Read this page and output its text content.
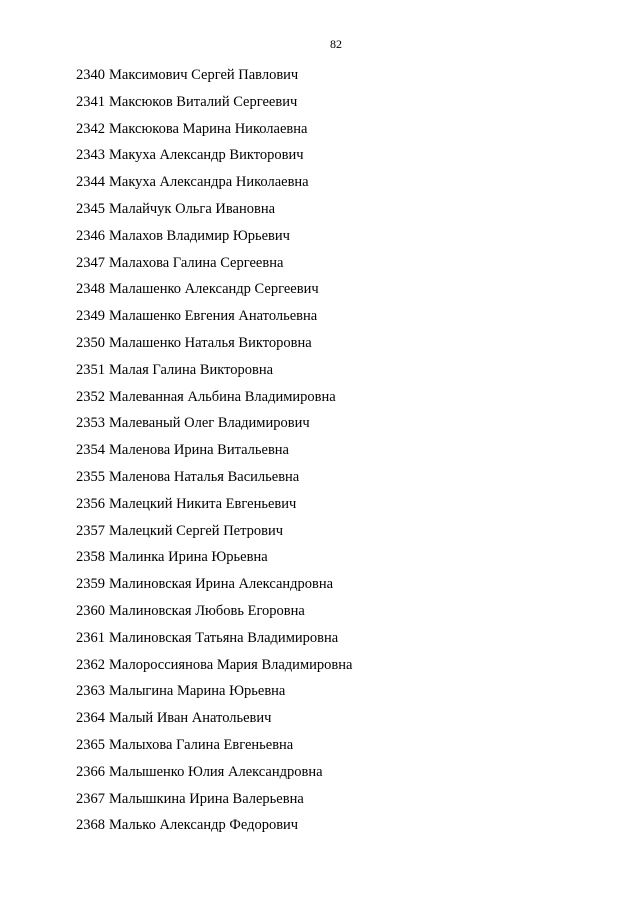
82
2340 Максимович Сергей Павлович
2341 Максюков Виталий Сергеевич
2342 Максюкова Марина Николаевна
2343 Макуха Александр Викторович
2344 Макуха Александра Николаевна
2345 Малайчук Ольга Ивановна
2346 Малахов Владимир Юрьевич
2347 Малахова Галина Сергеевна
2348 Малашенко Александр Сергеевич
2349 Малашенко Евгения Анатольевна
2350 Малашенко Наталья Викторовна
2351 Малая Галина Викторовна
2352 Малеванная Альбина Владимировна
2353 Малеваный Олег Владимирович
2354 Маленова Ирина Витальевна
2355 Маленова Наталья Васильевна
2356 Малецкий Никита Евгеньевич
2357 Малецкий Сергей Петрович
2358 Малинка Ирина Юрьевна
2359 Малиновская Ирина Александровна
2360 Малиновская Любовь Егоровна
2361 Малиновская Татьяна Владимировна
2362 Малороссиянова Мария Владимировна
2363 Малыгина Марина Юрьевна
2364 Малый Иван Анатольевич
2365 Малыхова Галина Евгеньевна
2366 Малышенко Юлия Александровна
2367 Малышкина Ирина Валерьевна
2368 Малько Александр Федорович
